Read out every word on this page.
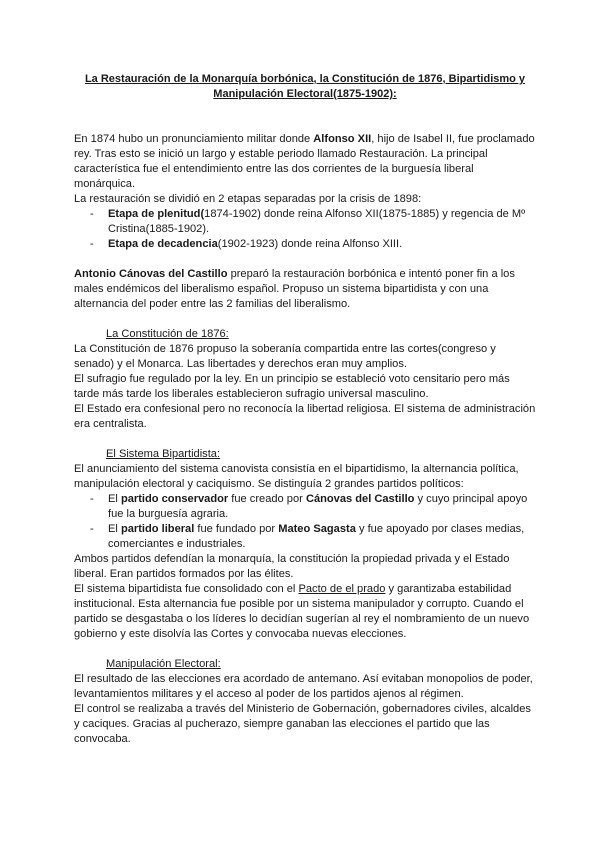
La Restauración de la Monarquía borbónica, la Constitución de 1876, Bipartidismo y Manipulación Electoral(1875-1902):

En 1874 hubo un pronunciamiento militar donde Alfonso XII, hijo de Isabel II, fue proclamado rey. Tras esto se inició un largo y estable periodo llamado Restauración. La principal característica fue el entendimiento entre las dos corrientes de la burguesía liberal monárquica.

La restauración se dividió en 2 etapas separadas por la crisis de 1898:

- Etapa de plenitud(1874-1902) donde reina Alfonso XII(1875-1885) y regencia de Mº Cristina(1885-1902).
- Etapa de decadencia(1902-1923) donde reina Alfonso XIII.

Antonio Cánovas del Castillo preparó la restauración borbónica e intentó poner fin a los males endémicos del liberalismo español. Propuso un sistema bipartidista y con una alternancia del poder entre las 2 familias del liberalismo.

La Constitución de 1876:

La Constitución de 1876 propuso la soberanía compartida entre las cortes(congreso y senado) y el Monarca. Las libertades y derechos eran muy amplios.

El sufragio fue regulado por la ley. En un principio se estableció voto censitario pero más tarde más tarde los liberales establecieron sufragio universal masculino.

El Estado era confesional pero no reconocía la libertad religiosa. El sistema de administración era centralista.

El Sistema Bipartidista:

El anunciamiento del sistema canovista consistía en el bipartidismo, la alternancia política, manipulación electoral y caciquismo. Se distinguía 2 grandes partidos políticos:

- El partido conservador fue creado por Cánovas del Castillo y cuyo principal apoyo fue la burguesía agraria.
- El partido liberal fue fundado por Mateo Sagasta y fue apoyado por clases medias, comerciantes e industriales.

Ambos partidos defendían la monarquía, la constitución la propiedad privada y el Estado liberal. Eran partidos formados por las élites.

El sistema bipartidista fue consolidado con el Pacto de el prado y garantizaba estabilidad institucional. Esta alternancia fue posible por un sistema manipulador y corrupto. Cuando el partido se desgastaba o los líderes lo decidían sugerían al rey el nombramiento de un nuevo gobierno y este disolvía las Cortes y convocaba nuevas elecciones.

Manipulación Electoral:

El resultado de las elecciones era acordado de antemano. Así evitaban monopolios de poder, levantamientos militares y el acceso al poder de los partidos ajenos al régimen.

El control se realizaba a través del Ministerio de Gobernación, gobernadores civiles, alcaldes y caciques. Gracias al pucherazo, siempre ganaban las elecciones el partido que las convocaba.
